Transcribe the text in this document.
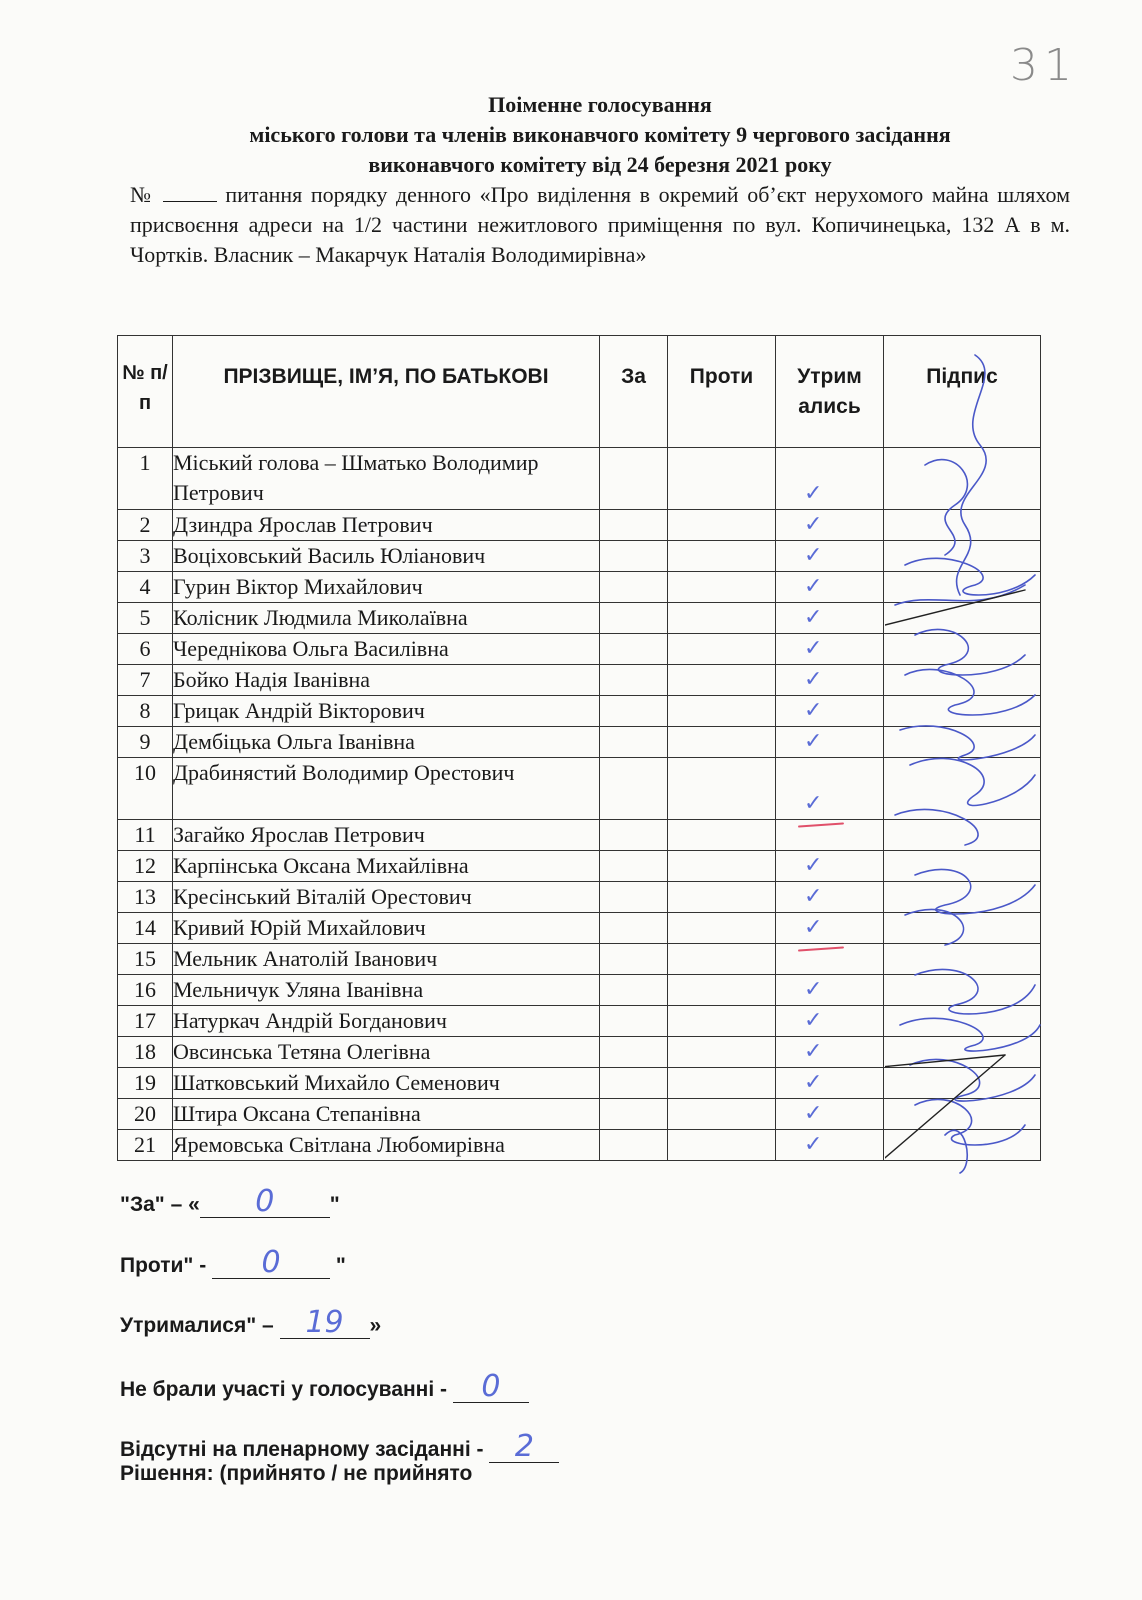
31
Поіменне голосування
міського голови та членів виконавчого комітету 9 чергового засідання
виконавчого комітету від 24 березня 2021 року
№	питання порядку денного «Про виділення в окремий об’єкт нерухомого майна шляхом присвоєння адреси на 1/2 частини нежитлового приміщення по вул. Копичинецька, 132 А в м. Чортків. Власник – Макарчук Наталія Володимирівна»
№ п/ п	ПРІЗВИЩЕ, ІМ’Я, ПО БАТЬКОВІ	За	Проти	Утрим ались	Підпис
1	Міський голова – Шматько Володимир Петрович			✓	

2	Дзиндра Ярослав Петрович			✓	

3	Воціховський Василь Юліанович			✓	

4	Гурин Віктор Михайлович			✓	

5	Колісник Людмила Миколаївна			✓	

6	Череднікова Ольга Василівна			✓	

7	Бойко Надія Іванівна			✓	

8	Грицак Андрій Вікторович			✓	

9	Дембіцька Ольга Іванівна			✓	

10	Драбинястий Володимир Орестович			✓	

11	Загайко Ярослав Петрович			

12	Карпінська Оксана Михайлівна			✓	

13	Кресінський Віталій Орестович			✓	

14	Кривий Юрій Михайлович			✓	

15	Мельник Анатолій Іванович			

16	Мельничук Уляна Іванівна			✓	

17	Натуркач Андрій Богданович			✓	

18	Овсинська Тетяна Олегівна			✓	

19	Шатковський Михайло Семенович			✓	

20	Штира Оксана Степанівна			✓	

21	Яремовська Світлана Любомирівна			✓	

"За" – « 0	"
Проти" - 0	"
Утрималися" – 19 »
Не брали участі у голосуванні - 0
Відсутні на пленарному засіданні - 2
Рішення: (прийнято / не прийнято
